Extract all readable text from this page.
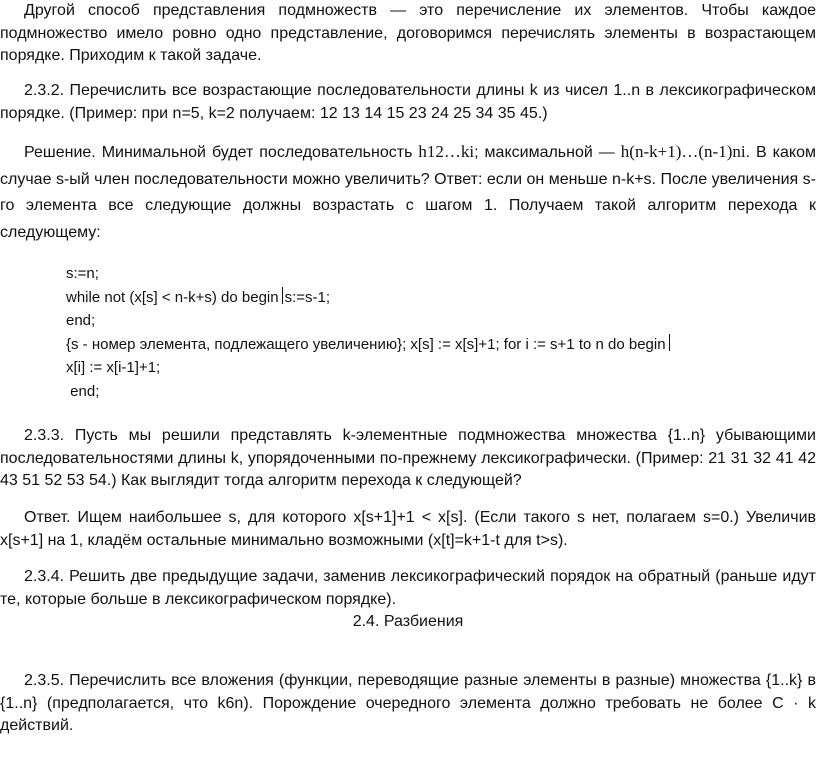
Другой способ представления подмножеств — это перечисление их элементов. Чтобы каждое подмножество имело ровно одно представление, договоримся перечислять элементы в возрастающем порядке. Приходим к такой задаче.

2.3.2. Перечислить все возрастающие последовательности длины k из чисел 1..n в лексикографическом порядке. (Пример: при n=5, k=2 получаем: 12 13 14 15 23 24 25 34 35 45.)

Решение. Минимальной будет последовательность h12…ki; максимальной — h(n-k+1)…(n-1)ni. В каком случае s-ый член последовательности можно увеличить? Ответ: если он меньше n-k+s. После увеличения s-го элемента все следующие должны возрастать с шагом 1. Получаем такой алгоритм перехода к следующему:

s:=n;
while not (x[s] < n-k+s) do begin s:=s-1;
end;
{s - номер элемента, подлежащего увеличению}; x[s] := x[s]+1; for i := s+1 to n do begin
x[i] := x[i-1]+1;
end;

2.3.3. Пусть мы решили представлять k-элементные подмножества множества {1..n} убывающими последовательностями длины k, упорядоченными по-прежнему лексикографически. (Пример: 21 31 32 41 42 43 51 52 53 54.) Как выглядит тогда алгоритм перехода к следующей?

Ответ. Ищем наибольшее s, для которого x[s+1]+1 < x[s]. (Если такого s нет, полагаем s=0.) Увеличив x[s+1] на 1, кладём остальные минимально возможными (x[t]=k+1-t для t>s).

2.3.4. Решить две предыдущие задачи, заменив лексикографический порядок на обратный (раньше идут те, которые больше в лексикографическом порядке).

2.4. Разбиения

2.3.5. Перечислить все вложения (функции, переводящие разные элементы в разные) множества {1..k} в {1..n} (предполагается, что k6n). Порождение очередного элемента должно требовать не более C · k действий.
